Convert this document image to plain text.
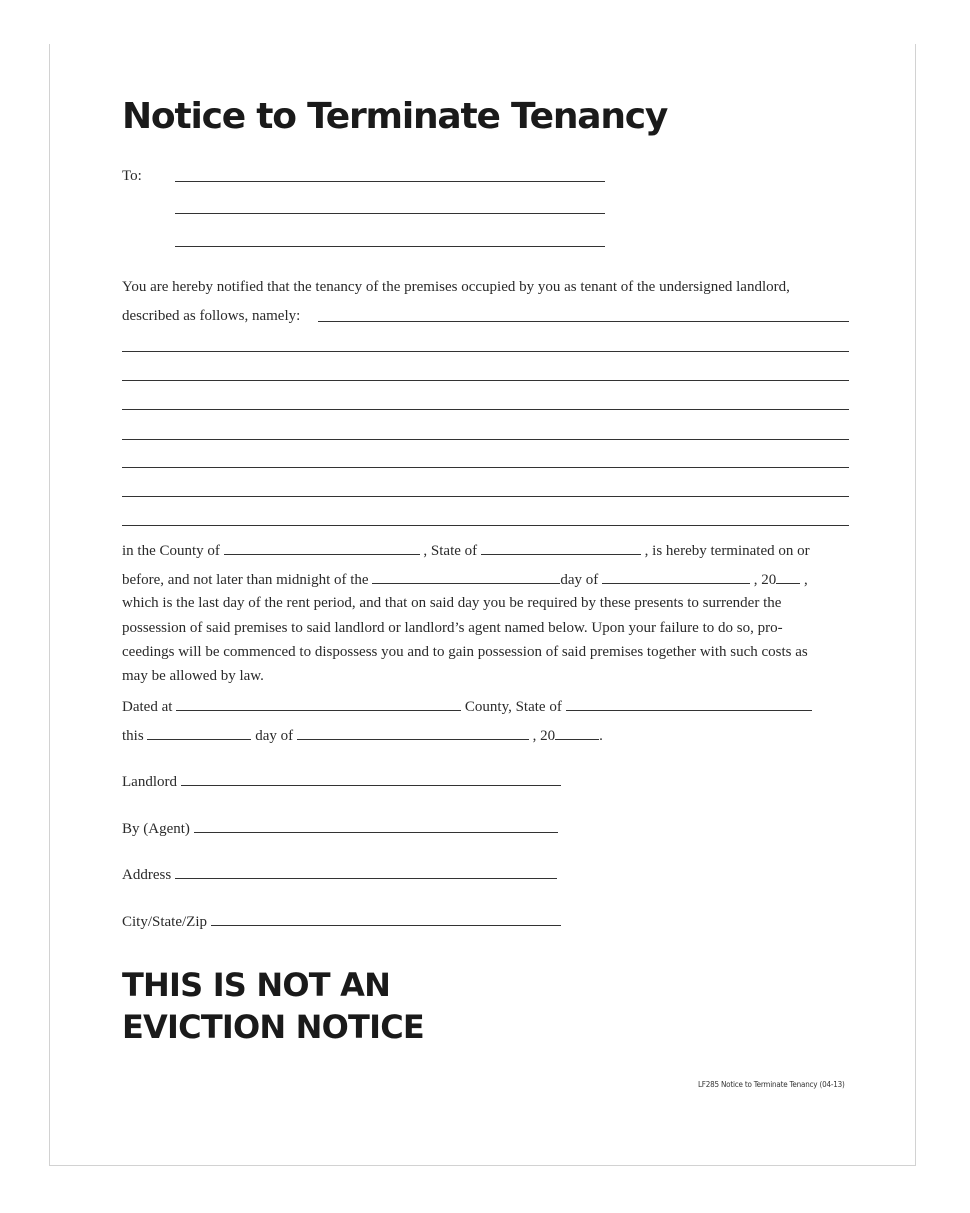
Notice to Terminate Tenancy
To:
You are hereby notified that the tenancy of the premises occupied by you as tenant of the undersigned landlord,
described as follows, namely:
in the County of	, State of	, is hereby terminated on or
before, and not later than midnight of the	day of	, 20 ,
which is the last day of the rent period, and that on said day you be required by these presents to surrender the
possession of said premises to said landlord or landlord’s agent named below. Upon your failure to do so, pro-
ceedings will be commenced to dispossess you and to gain possession of said premises together with such costs as
may be allowed by law.
Dated at	County, State of
this	day of	, 20	.
Landlord
By (Agent)
Address
City/State/Zip
THIS IS NOT AN
EVICTION NOTICE
LF285 Notice to Terminate Tenancy (04-13)
